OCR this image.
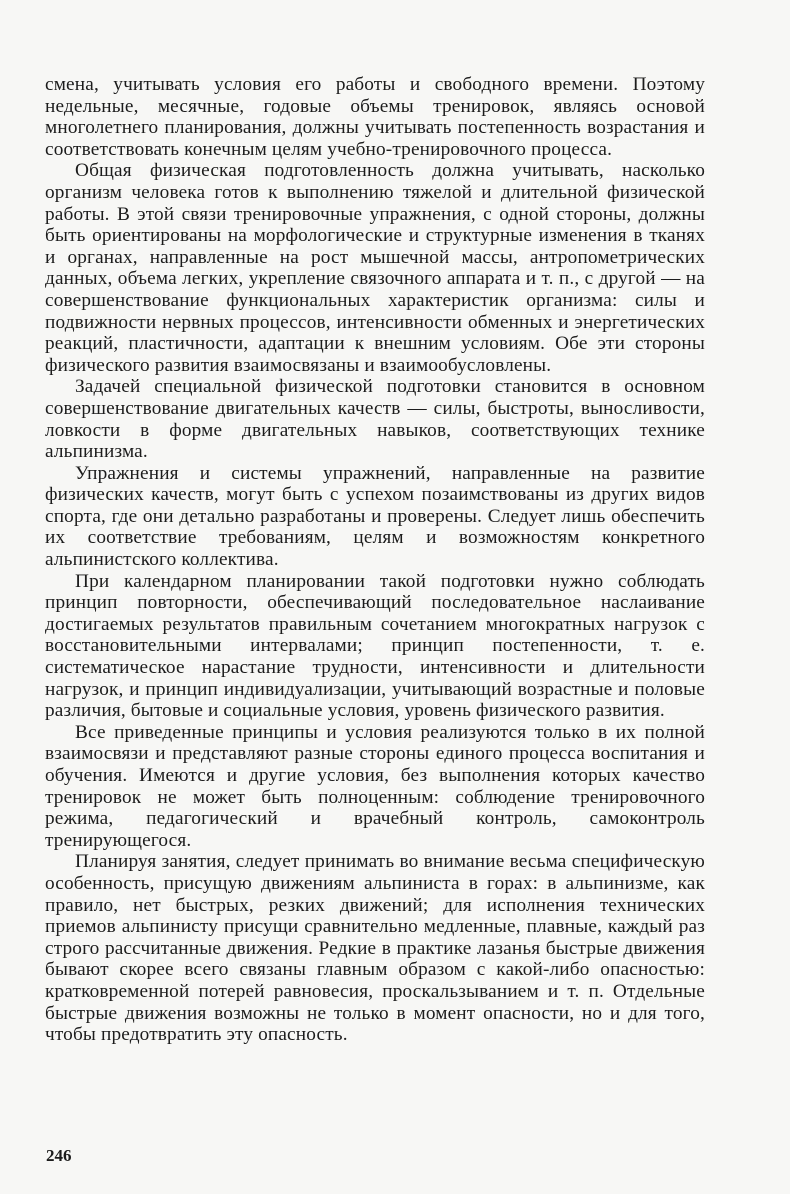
смена, учитывать условия его работы и свободного времени. Поэтому недельные, месячные, годовые объемы тренировок, являясь основой многолетнего планирования, должны учитывать постепенность возрастания и соответствовать конечным целям учебно-тренировочного процесса.

Общая физическая подготовленность должна учитывать, насколько организм человека готов к выполнению тяжелой и длительной физической работы. В этой связи тренировочные упражнения, с одной стороны, должны быть ориентированы на морфологические и структурные изменения в тканях и органах, направленные на рост мышечной массы, антропометрических данных, объема легких, укрепление связочного аппарата и т. п., с другой — на совершенствование функциональных характеристик организма: силы и подвижности нервных процессов, интенсивности обменных и энергетических реакций, пластичности, адаптации к внешним условиям. Обе эти стороны физического развития взаимосвязаны и взаимообусловлены.

Задачей специальной физической подготовки становится в основном совершенствование двигательных качеств — силы, быстроты, выносливости, ловкости в форме двигательных навыков, соответствующих технике альпинизма.

Упражнения и системы упражнений, направленные на развитие физических качеств, могут быть с успехом позаимствованы из других видов спорта, где они детально разработаны и проверены. Следует лишь обеспечить их соответствие требованиям, целям и возможностям конкретного альпинистского коллектива.

При календарном планировании такой подготовки нужно соблюдать принцип повторности, обеспечивающий последовательное наслаивание достигаемых результатов правильным сочетанием многократных нагрузок с восстановительными интервалами; принцип постепенности, т. е. систематическое нарастание трудности, интенсивности и длительности нагрузок, и принцип индивидуализации, учитывающий возрастные и половые различия, бытовые и социальные условия, уровень физического развития.

Все приведенные принципы и условия реализуются только в их полной взаимосвязи и представляют разные стороны единого процесса воспитания и обучения. Имеются и другие условия, без выполнения которых качество тренировок не может быть полноценным: соблюдение тренировочного режима, педагогический и врачебный контроль, самоконтроль тренирующегося.

Планируя занятия, следует принимать во внимание весьма специфическую особенность, присущую движениям альпиниста в горах: в альпинизме, как правило, нет быстрых, резких движений; для исполнения технических приемов альпинисту присущи сравнительно медленные, плавные, каждый раз строго рассчитанные движения. Редкие в практике лазанья быстрые движения бывают скорее всего связаны главным образом с какой-либо опасностью: кратковременной потерей равновесия, проскальзыванием и т. п. Отдельные быстрые движения возможны не только в момент опасности, но и для того, чтобы предотвратить эту опасность.

246
